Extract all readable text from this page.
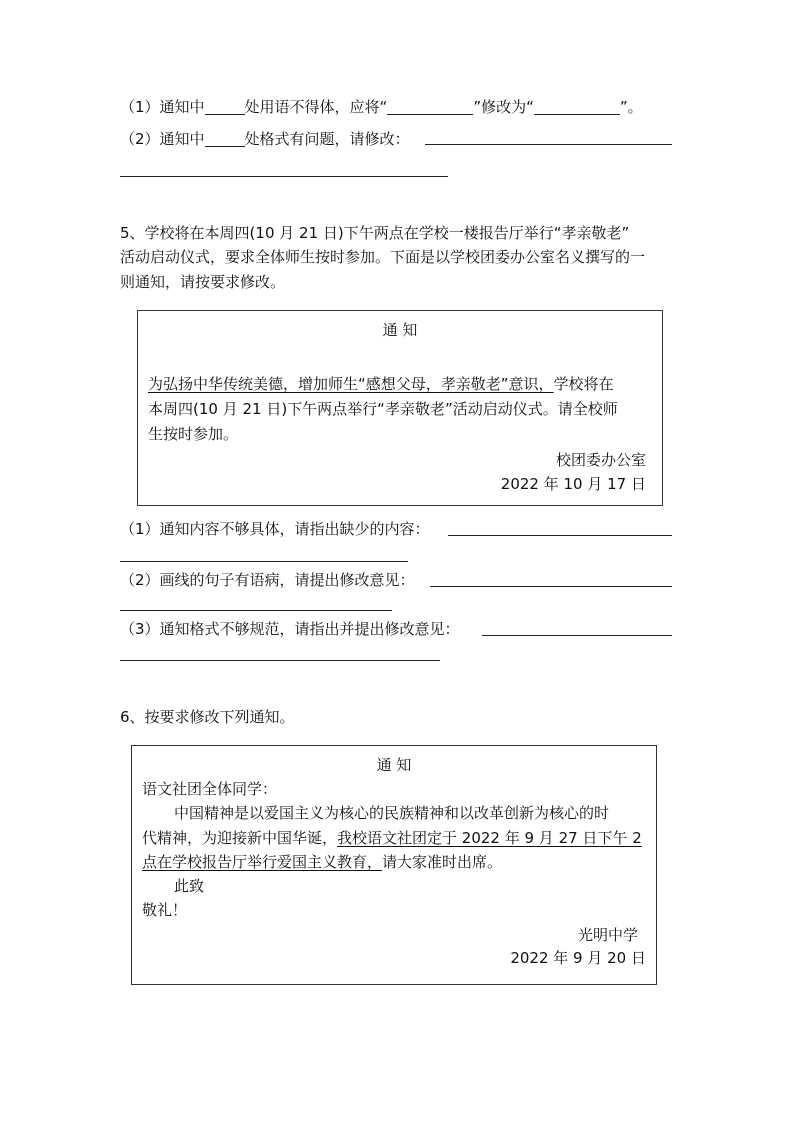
（1）通知中	处用语不得体，应将“	”修改为“	”。
（2）通知中	处格式有问题，请修改：
5、学校将在本周四(10 月 21 日)下午两点在学校一楼报告厅举行“孝亲敬老”
活动启动仪式，要求全体师生按时参加。下面是以学校团委办公室名义撰写的一
则通知，请按要求修改。
通 知
为弘扬中华传统美德，增加师生“感想父母，孝亲敬老”意识，学校将在
本周四(10 月 21 日)下午两点举行“孝亲敬老”活动启动仪式。请全校师
生按时参加。
校团委办公室
2022 年 10 月 17 日
（1）通知内容不够具体，请指出缺少的内容：
（2）画线的句子有语病，请提出修改意见：
（3）通知格式不够规范，请指出并提出修改意见：
6、按要求修改下列通知。
通 知
语文社团全体同学：
中国精神是以爱国主义为核心的民族精神和以改革创新为核心的时
代精神，为迎接新中国华诞，我校语文社团定于 2022 年 9 月 27 日下午 2
点在学校报告厅举行爱国主义教育，请大家准时出席。
此致
敬礼！
光明中学
2022 年 9 月 20 日
